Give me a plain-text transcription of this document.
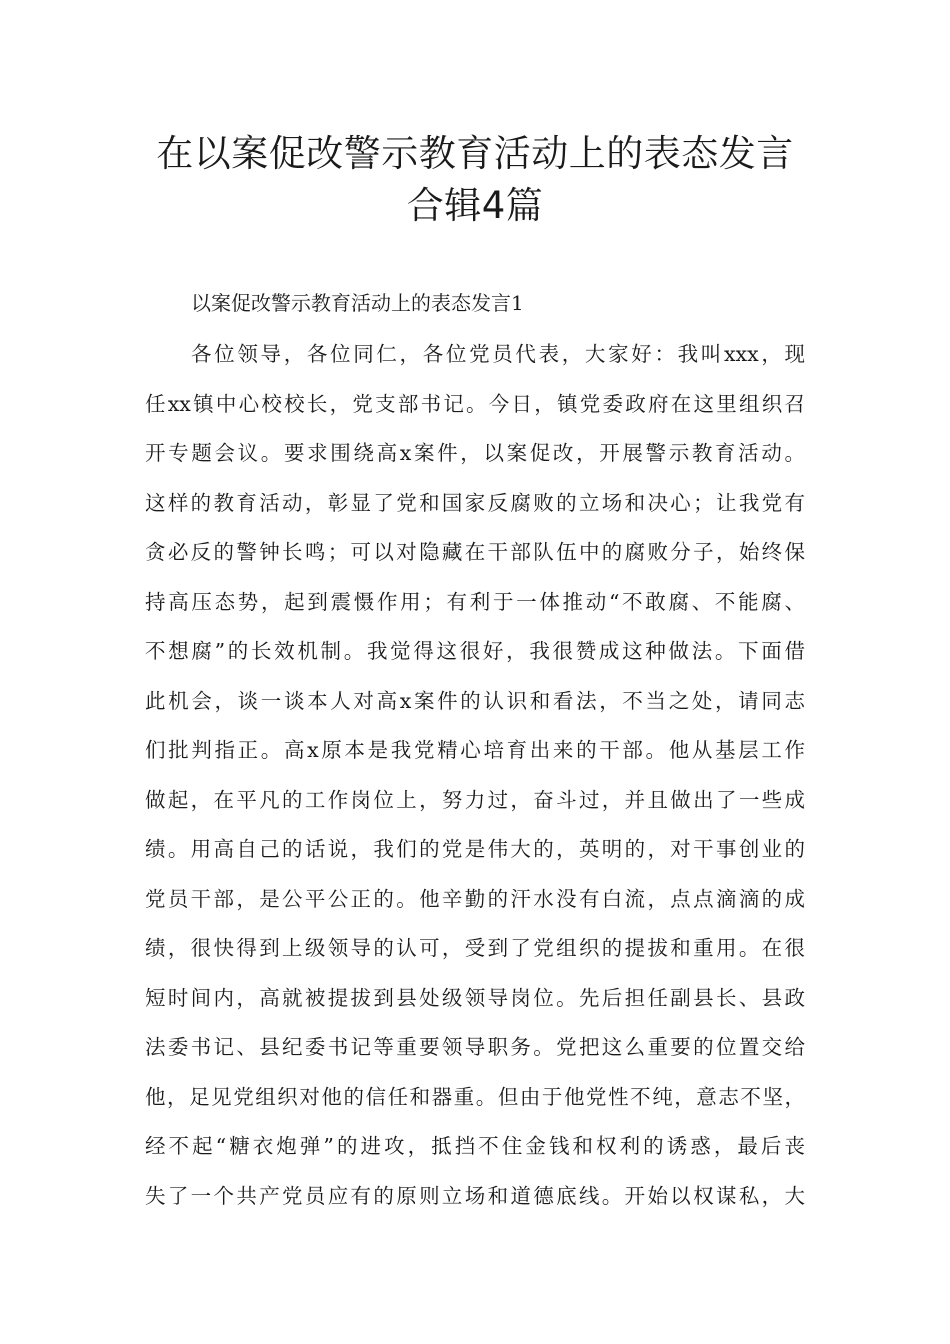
在以案促改警示教育活动上的表态发言
合辑4篇

以案促改警示教育活动上的表态发言1

各位领导，各位同仁，各位党员代表，大家好：我叫xxx，现
任xx镇中心校校长，党支部书记。今日，镇党委政府在这里组织召
开专题会议。要求围绕高x案件，以案促改，开展警示教育活动。
这样的教育活动，彰显了党和国家反腐败的立场和决心；让我党有
贪必反的警钟长鸣；可以对隐藏在干部队伍中的腐败分子，始终保
持高压态势，起到震慑作用；有利于一体推动“不敢腐、不能腐、
不想腐”的长效机制。我觉得这很好，我很赞成这种做法。下面借
此机会，谈一谈本人对高x案件的认识和看法，不当之处，请同志
们批判指正。高x原本是我党精心培育出来的干部。他从基层工作
做起，在平凡的工作岗位上，努力过，奋斗过，并且做出了一些成
绩。用高自己的话说，我们的党是伟大的，英明的，对干事创业的
党员干部，是公平公正的。他辛勤的汗水没有白流，点点滴滴的成
绩，很快得到上级领导的认可，受到了党组织的提拔和重用。在很
短时间内，高就被提拔到县处级领导岗位。先后担任副县长、县政
法委书记、县纪委书记等重要领导职务。党把这么重要的位置交给
他，足见党组织对他的信任和器重。但由于他党性不纯，意志不坚，
经不起“糖衣炮弹”的进攻，抵挡不住金钱和权利的诱惑，最后丧
失了一个共产党员应有的原则立场和道德底线。开始以权谋私，大
